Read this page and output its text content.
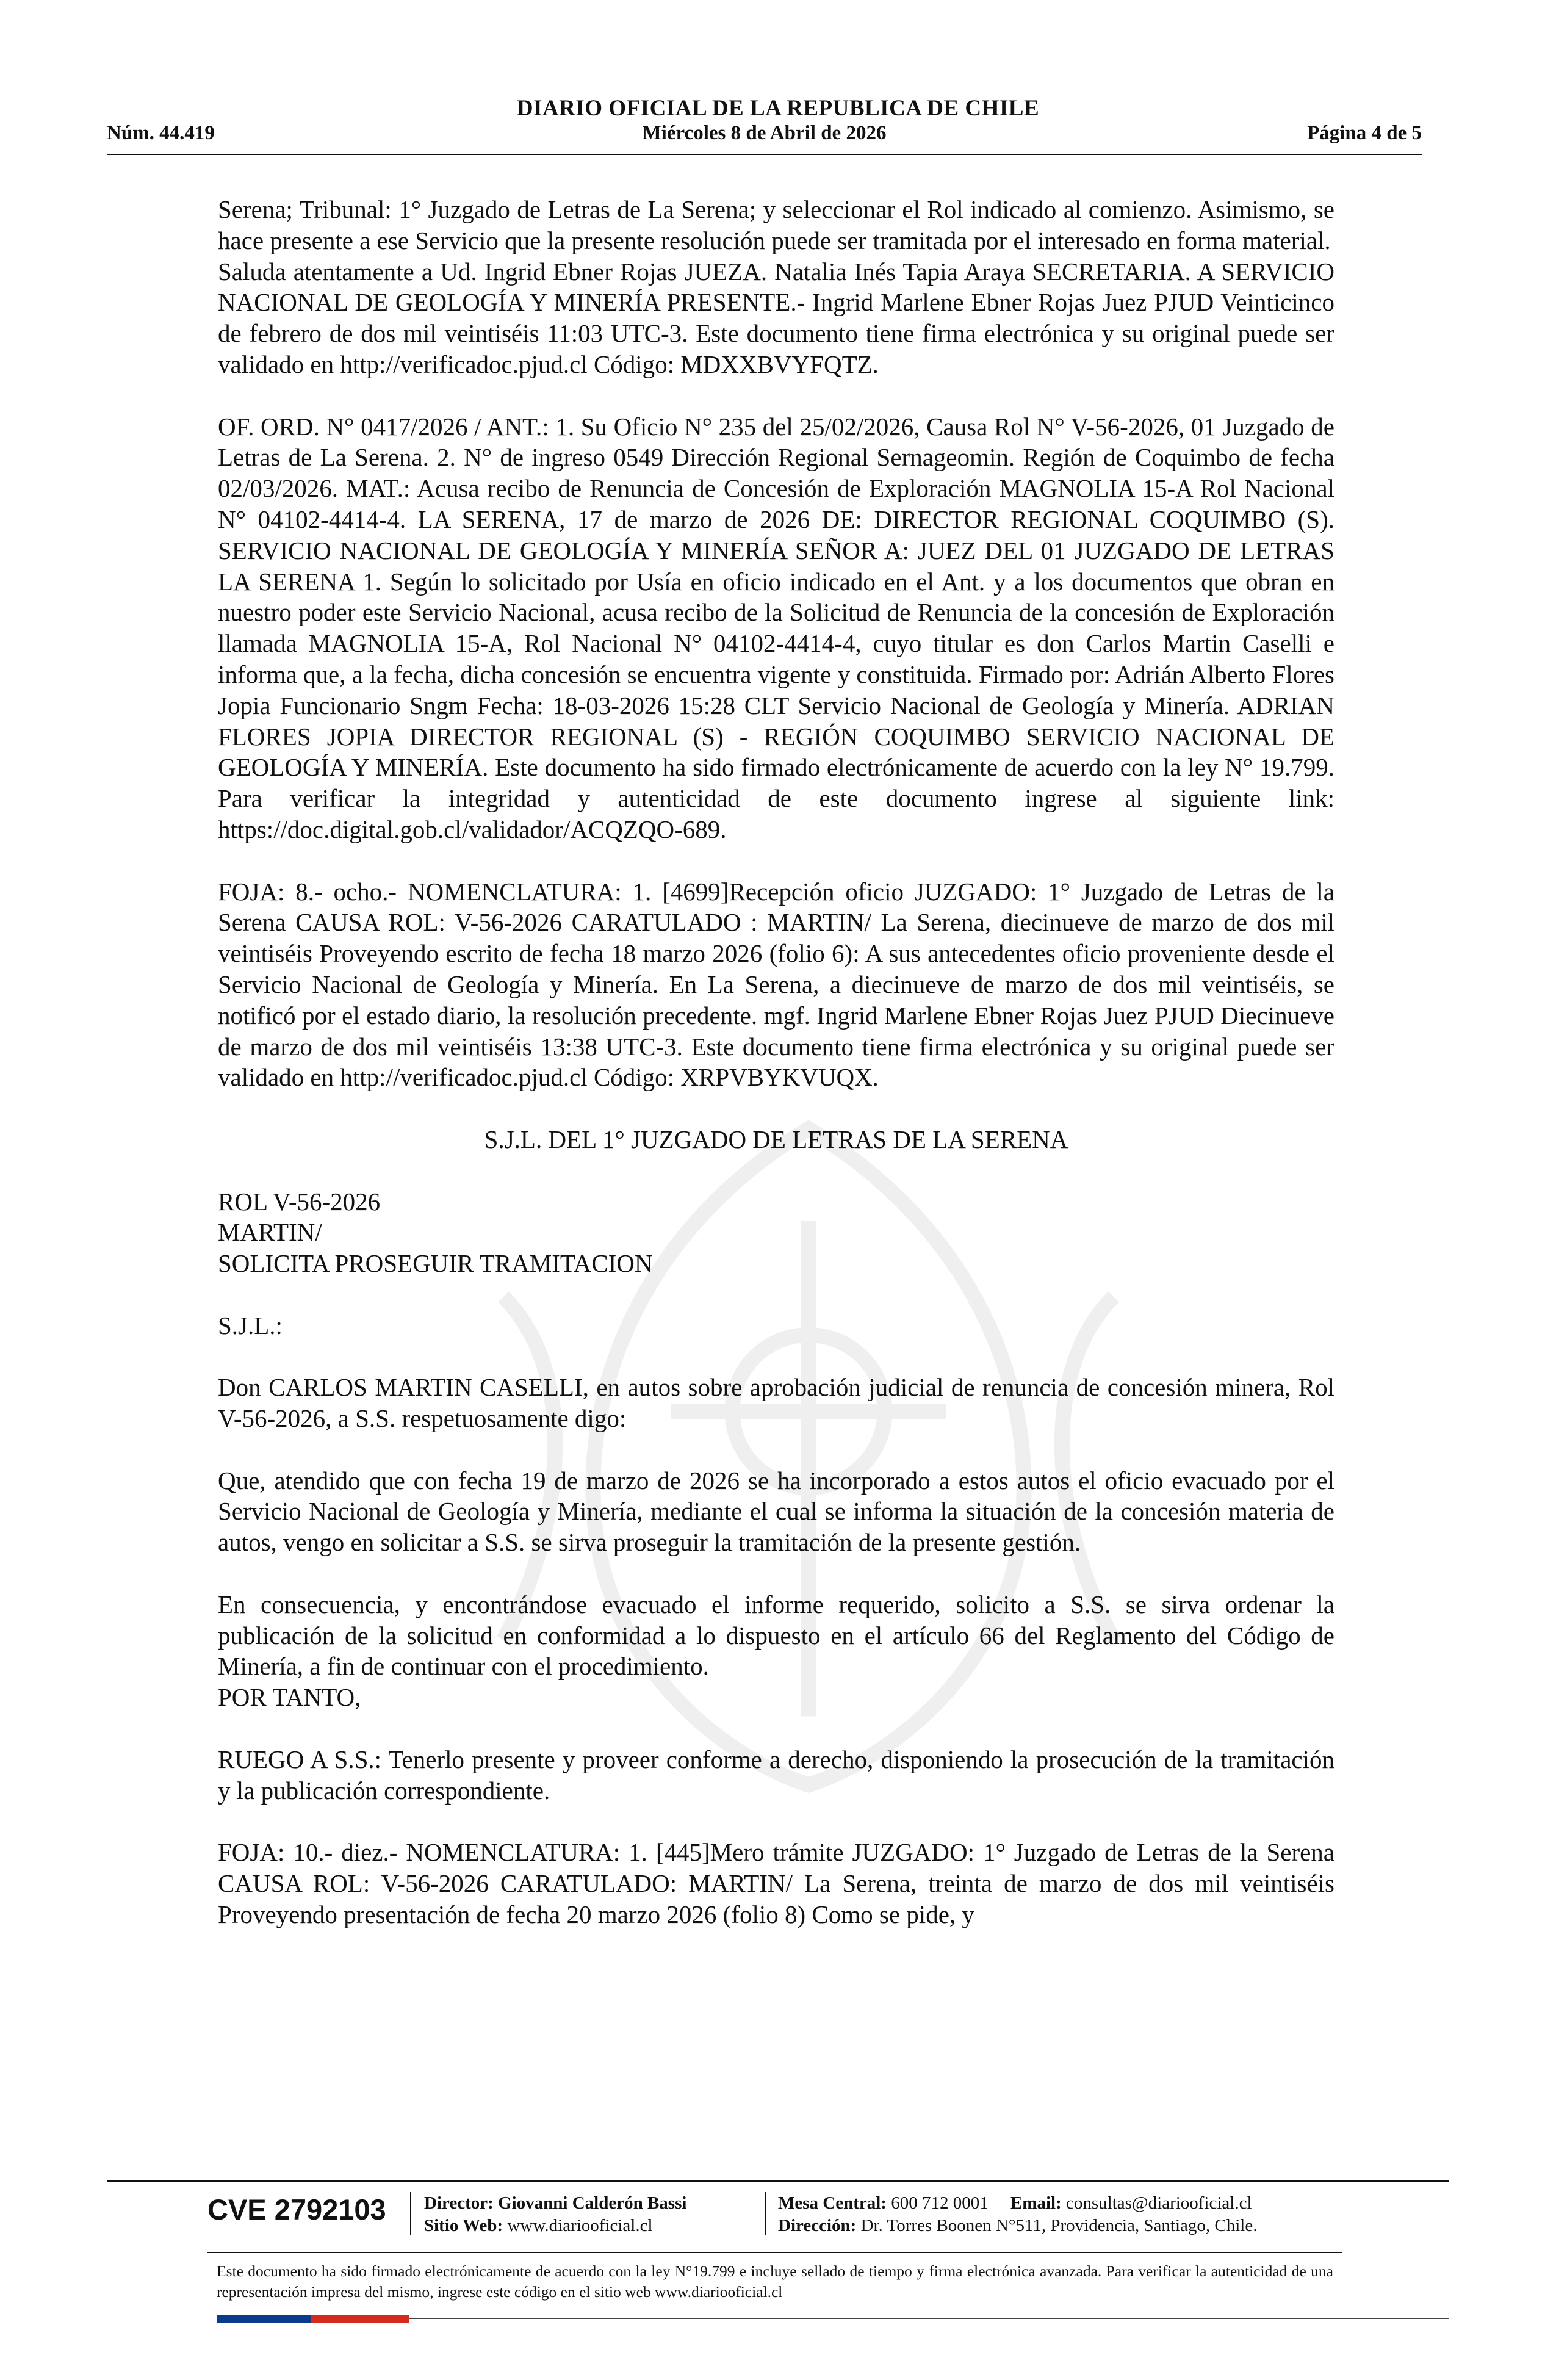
DIARIO OFICIAL DE LA REPUBLICA DE CHILE
Miércoles 8 de Abril de 2026
Núm. 44.419	Página 4 de 5

Serena; Tribunal: 1° Juzgado de Letras de La Serena; y seleccionar el Rol indicado al comienzo. Asimismo, se hace presente a ese Servicio que la presente resolución puede ser tramitada por el interesado en forma material.

Saluda atentamente a Ud. Ingrid Ebner Rojas JUEZA. Natalia Inés Tapia Araya SECRETARIA. A SERVICIO NACIONAL DE GEOLOGÍA Y MINERÍA PRESENTE.- Ingrid Marlene Ebner Rojas Juez PJUD Veinticinco de febrero de dos mil veintiséis 11:03 UTC-3. Este documento tiene firma electrónica y su original puede ser validado en http://verificadoc.pjud.cl Código: MDXXBVYFQTZ.

OF. ORD. N° 0417/2026 / ANT.: 1. Su Oficio N° 235 del 25/02/2026, Causa Rol N° V-56-2026, 01 Juzgado de Letras de La Serena. 2. N° de ingreso 0549 Dirección Regional Sernageomin. Región de Coquimbo de fecha 02/03/2026. MAT.: Acusa recibo de Renuncia de Concesión de Exploración MAGNOLIA 15-A Rol Nacional N° 04102-4414-4. LA SERENA, 17 de marzo de 2026 DE: DIRECTOR REGIONAL COQUIMBO (S). SERVICIO NACIONAL DE GEOLOGÍA Y MINERÍA SEÑOR A: JUEZ DEL 01 JUZGADO DE LETRAS LA SERENA 1. Según lo solicitado por Usía en oficio indicado en el Ant. y a los documentos que obran en nuestro poder este Servicio Nacional, acusa recibo de la Solicitud de Renuncia de la concesión de Exploración llamada MAGNOLIA 15-A, Rol Nacional N° 04102-4414-4, cuyo titular es don Carlos Martin Caselli e informa que, a la fecha, dicha concesión se encuentra vigente y constituida. Firmado por: Adrián Alberto Flores Jopia Funcionario Sngm Fecha: 18-03-2026 15:28 CLT Servicio Nacional de Geología y Minería. ADRIAN FLORES JOPIA DIRECTOR REGIONAL (S) - REGIÓN COQUIMBO SERVICIO NACIONAL DE GEOLOGÍA Y MINERÍA. Este documento ha sido firmado electrónicamente de acuerdo con la ley N° 19.799. Para verificar la integridad y autenticidad de este documento ingrese al siguiente link: https://doc.digital.gob.cl/validador/ACQZQO-689.

FOJA: 8.- ocho.- NOMENCLATURA: 1. [4699]Recepción oficio JUZGADO: 1° Juzgado de Letras de la Serena CAUSA ROL: V-56-2026 CARATULADO : MARTIN/ La Serena, diecinueve de marzo de dos mil veintiséis Proveyendo escrito de fecha 18 marzo 2026 (folio 6): A sus antecedentes oficio proveniente desde el Servicio Nacional de Geología y Minería. En La Serena, a diecinueve de marzo de dos mil veintiséis, se notificó por el estado diario, la resolución precedente. mgf. Ingrid Marlene Ebner Rojas Juez PJUD Diecinueve de marzo de dos mil veintiséis 13:38 UTC-3. Este documento tiene firma electrónica y su original puede ser validado en http://verificadoc.pjud.cl Código: XRPVBYKVUQX.

S.J.L. DEL 1° JUZGADO DE LETRAS DE LA SERENA

ROL V-56-2026

MARTIN/

SOLICITA PROSEGUIR TRAMITACION

S.J.L.:

Don CARLOS MARTIN CASELLI, en autos sobre aprobación judicial de renuncia de concesión minera, Rol V-56-2026, a S.S. respetuosamente digo:

Que, atendido que con fecha 19 de marzo de 2026 se ha incorporado a estos autos el oficio evacuado por el Servicio Nacional de Geología y Minería, mediante el cual se informa la situación de la concesión materia de autos, vengo en solicitar a S.S. se sirva proseguir la tramitación de la presente gestión.

En consecuencia, y encontrándose evacuado el informe requerido, solicito a S.S. se sirva ordenar la publicación de la solicitud en conformidad a lo dispuesto en el artículo 66 del Reglamento del Código de Minería, a fin de continuar con el procedimiento.

POR TANTO,

RUEGO A S.S.: Tenerlo presente y proveer conforme a derecho, disponiendo la prosecución de la tramitación y la publicación correspondiente.

FOJA: 10.- diez.- NOMENCLATURA: 1. [445]Mero trámite JUZGADO: 1° Juzgado de Letras de la Serena CAUSA ROL: V-56-2026 CARATULADO: MARTIN/ La Serena, treinta de marzo de dos mil veintiséis Proveyendo presentación de fecha 20 marzo 2026 (folio 8) Como se pide, y

CVE 2792103 Director: Giovanni Calderón Bassi
Sitio Web: www.diariooficial.cl
Mesa Central: 600 712 0001 Email: consultas@diariooficial.cl
Dirección: Dr. Torres Boonen N°511, Providencia, Santiago, Chile.
Este documento ha sido firmado electrónicamente de acuerdo con la ley N°19.799 e incluye sellado de tiempo y firma electrónica avanzada. Para verificar la autenticidad de una representación impresa del mismo, ingrese este código en el sitio web www.diariooficial.cl
